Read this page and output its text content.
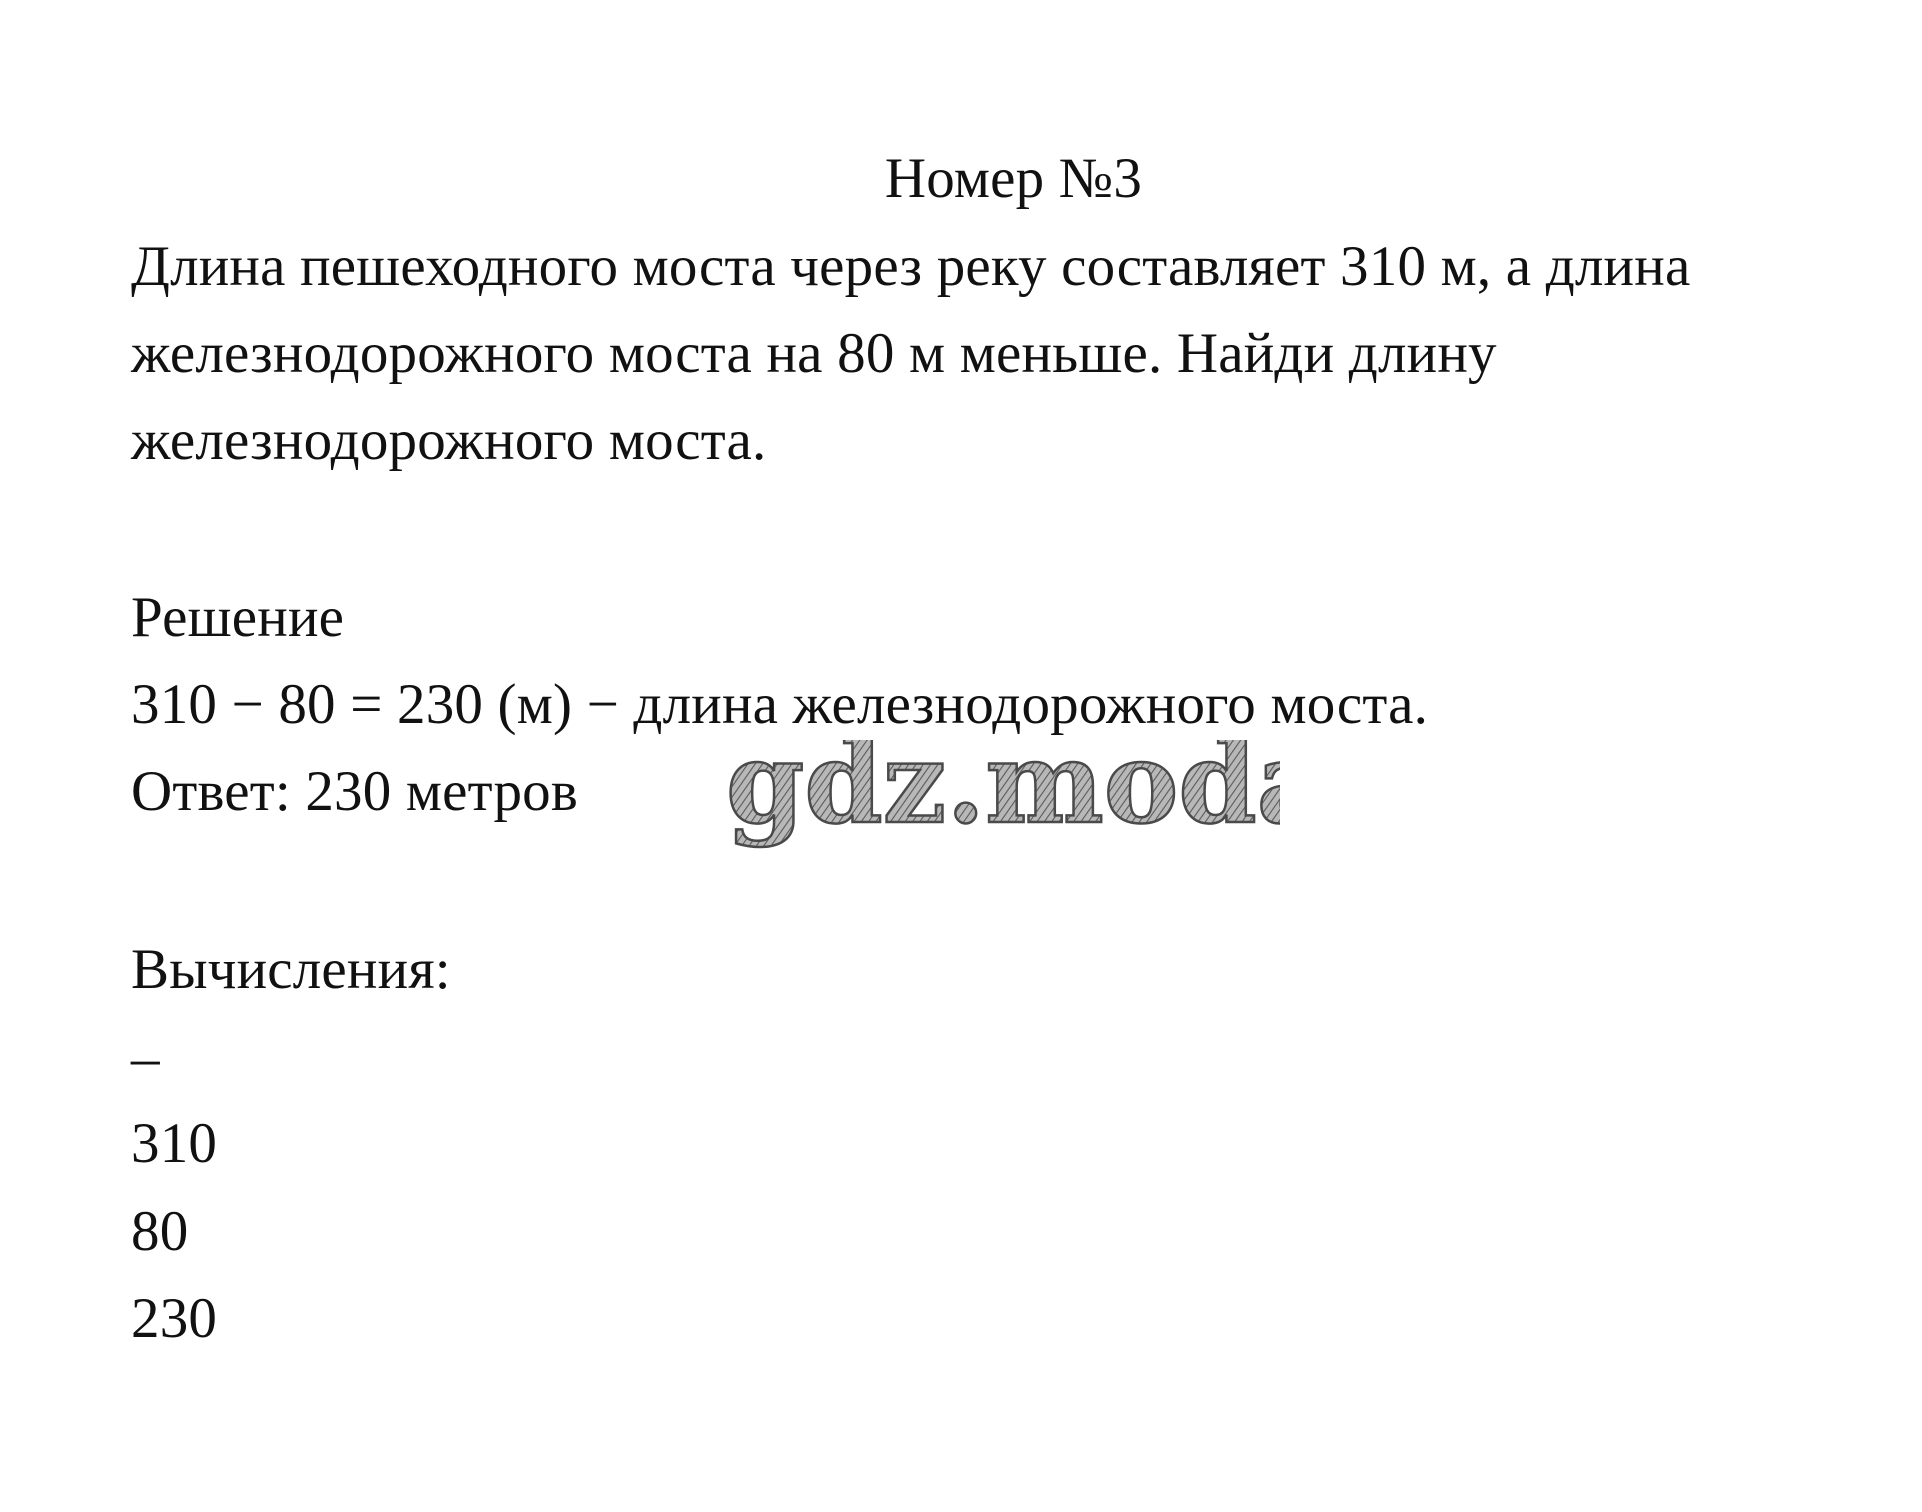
Номер №3
Длина пешеходного моста через реку составляет 310 м, а длина
железнодорожного моста на 80 м меньше. Найди длину
железнодорожного моста.
Решение
310 − 80 = 230 (м) − длина железнодорожного моста.
Ответ: 230 метров gdz.moda
Вычисления:
_
310
80
230
